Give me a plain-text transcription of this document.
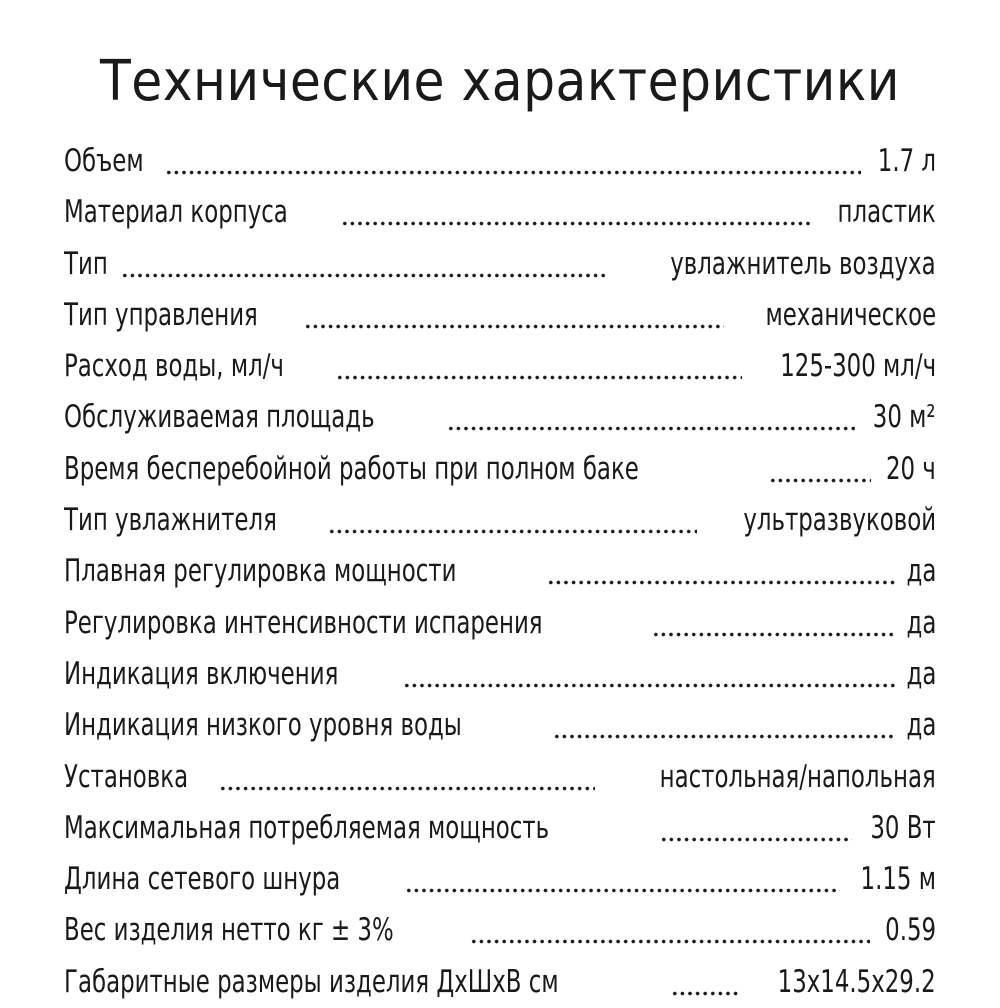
Технические характеристики
Объем	1.7 л
Материал корпуса	пластик
Тип	увлажнитель воздуха
Тип управления	механическое
Расход воды, мл/ч	125-300 мл/ч
Обслуживаемая площадь	30 м²
Время бесперебойной работы при полном баке	20 ч
Тип увлажнителя	ультразвуковой
Плавная регулировка мощности	да
Регулировка интенсивности испарения	да
Индикация включения	да
Индикация низкого уровня воды	да
Установка	настольная/напольная
Максимальная потребляемая мощность	30 Вт
Длина сетевого шнура	1.15 м
Вес изделия нетто кг ± 3%	0.59
Габаритные размеры изделия ДхШхВ см	13x14.5x29.2
